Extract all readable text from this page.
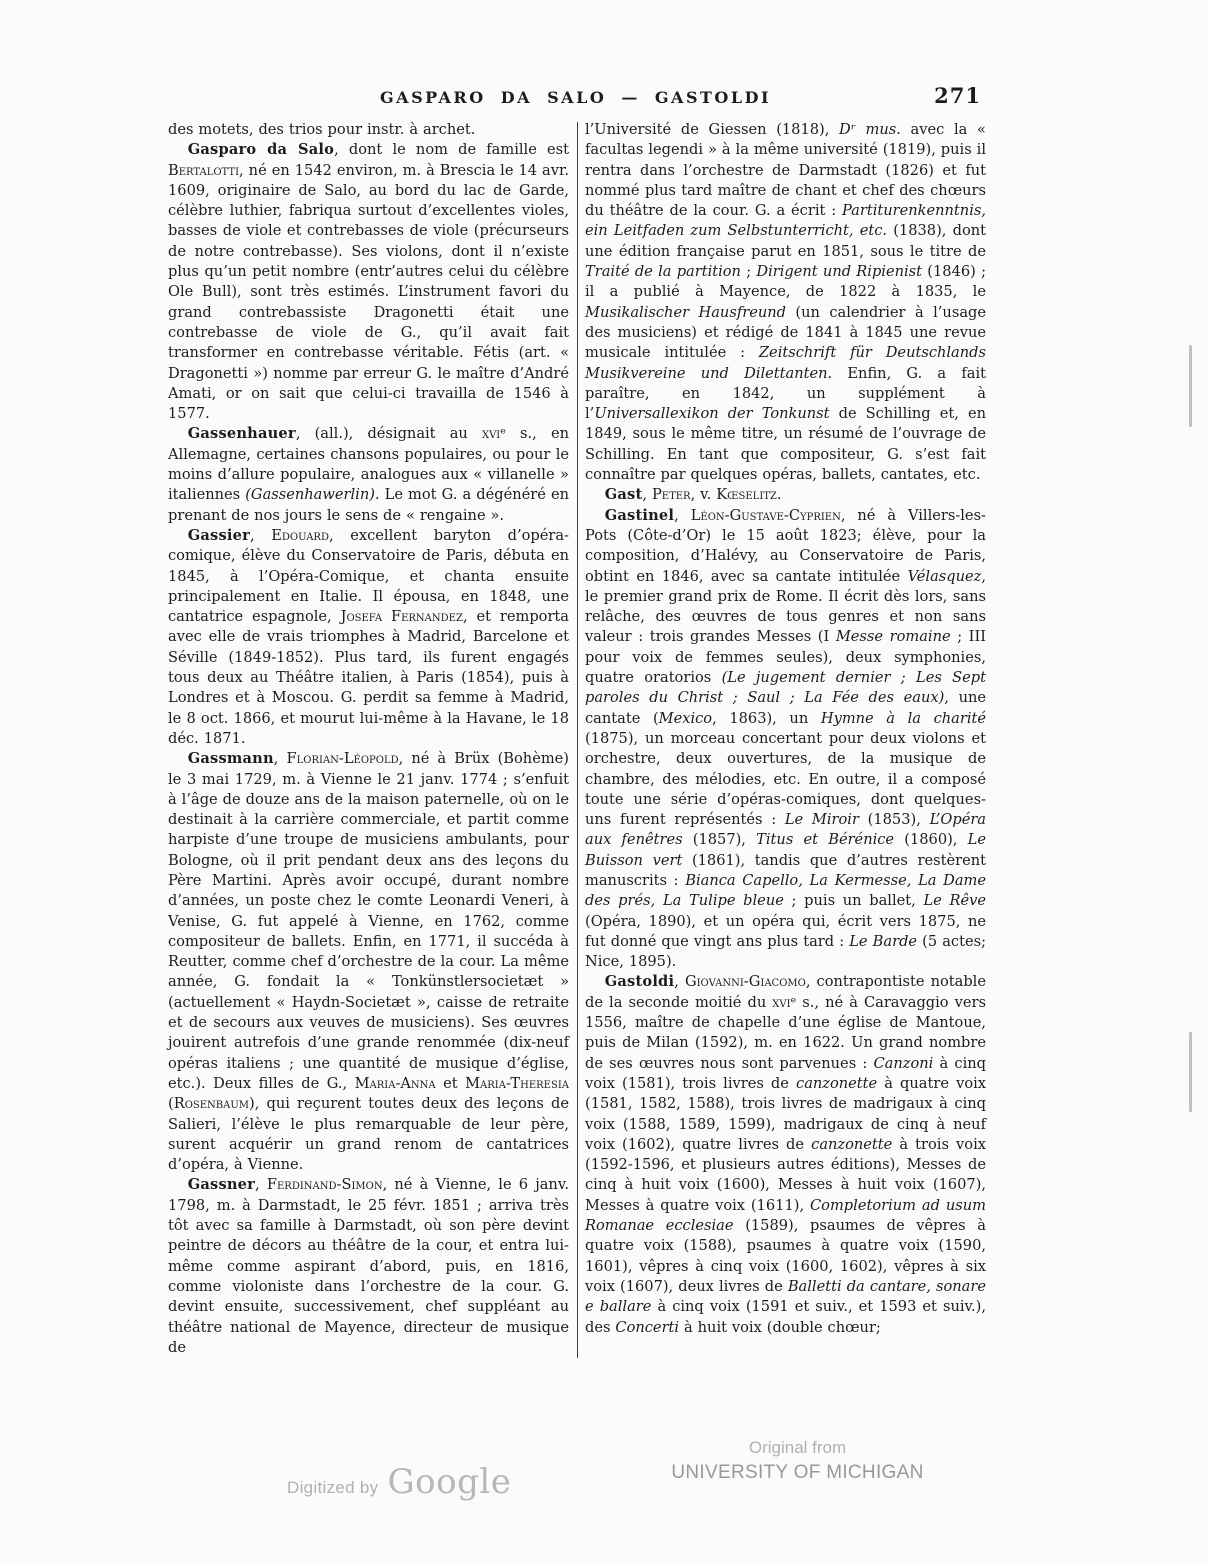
GASPARO DA SALO — GASTOLDI	271

des motets, des trios pour instr. à archet.

Gasparo da Salo, dont le nom de famille est Bertalotti, né en 1542 environ, m. à Brescia le 14 avr. 1609, originaire de Salo, au bord du lac de Garde, célèbre luthier, fabriqua surtout d’excellentes violes, basses de viole et contrebasses de viole (précurseurs de notre contrebasse). Ses violons, dont il n’existe plus qu’un petit nombre (entr’autres celui du célèbre Ole Bull), sont très estimés. L’instrument favori du grand contrebassiste Dragonetti était une contrebasse de viole de G., qu’il avait fait transformer en contrebasse véritable. Fétis (art. « Dragonetti ») nomme par erreur G. le maître d’André Amati, or on sait que celui-ci travailla de 1546 à 1577.

Gassenhauer, (all.), désignait au xviᵉ s., en Allemagne, certaines chansons populaires, ou pour le moins d’allure populaire, analogues aux « villanelle » italiennes (Gassenhawerlin). Le mot G. a dégénéré en prenant de nos jours le sens de « rengaine ».

Gassier, Edouard, excellent baryton d’opéra-comique, élève du Conservatoire de Paris, débuta en 1845, à l’Opéra-Comique, et chanta ensuite principalement en Italie. Il épousa, en 1848, une cantatrice espagnole, Josefa Fernandez, et remporta avec elle de vrais triomphes à Madrid, Barcelone et Séville (1849-1852). Plus tard, ils furent engagés tous deux au Théâtre italien, à Paris (1854), puis à Londres et à Moscou. G. perdit sa femme à Madrid, le 8 oct. 1866, et mourut lui-même à la Havane, le 18 déc. 1871.

Gassmann, Florian-Léopold, né à Brüx (Bohème) le 3 mai 1729, m. à Vienne le 21 janv. 1774 ; s’enfuit à l’âge de douze ans de la maison paternelle, où on le destinait à la carrière commerciale, et partit comme harpiste d’une troupe de musiciens ambulants, pour Bologne, où il prit pendant deux ans des leçons du Père Martini. Après avoir occupé, durant nombre d’années, un poste chez le comte Leonardi Veneri, à Venise, G. fut appelé à Vienne, en 1762, comme compositeur de ballets. Enfin, en 1771, il succéda à Reutter, comme chef d’orchestre de la cour. La même année, G. fondait la « Tonkünstlersocietæt » (actuellement « Haydn-Societæt », caisse de retraite et de secours aux veuves de musiciens). Ses œuvres jouirent autrefois d’une grande renommée (dix-neuf opéras italiens ; une quantité de musique d’église, etc.). Deux filles de G., Maria-Anna et Maria-Theresia (Rosenbaum), qui reçurent toutes deux des leçons de Salieri, l’élève le plus remarquable de leur père, surent acquérir un grand renom de cantatrices d’opéra, à Vienne.

Gassner, Ferdinand-Simon, né à Vienne, le 6 janv. 1798, m. à Darmstadt, le 25 févr. 1851 ; arriva très tôt avec sa famille à Darmstadt, où son père devint peintre de décors au théâtre de la cour, et entra lui-même comme aspirant d’abord, puis, en 1816, comme violoniste dans l’orchestre de la cour. G. devint ensuite, successivement, chef suppléant au théâtre national de Mayence, directeur de musique de

l’Université de Giessen (1818), Dʳ mus. avec la « facultas legendi » à la même université (1819), puis il rentra dans l’orchestre de Darmstadt (1826) et fut nommé plus tard maître de chant et chef des chœurs du théâtre de la cour. G. a écrit : Partiturenkenntnis, ein Leitfaden zum Selbstunterricht, etc. (1838), dont une édition française parut en 1851, sous le titre de Traité de la partition ; Dirigent und Ripienist (1846) ; il a publié à Mayence, de 1822 à 1835, le Musikalischer Hausfreund (un calendrier à l’usage des musiciens) et rédigé de 1841 à 1845 une revue musicale intitulée : Zeitschrift für Deutschlands Musikvereine und Dilettanten. Enfin, G. a fait paraître, en 1842, un supplément à l’Universallexikon der Tonkunst de Schilling et, en 1849, sous le même titre, un résumé de l’ouvrage de Schilling. En tant que compositeur, G. s’est fait connaître par quelques opéras, ballets, cantates, etc.

Gast, Peter, v. Kœselitz.

Gastinel, Léon-Gustave-Cyprien, né à Villers-les-Pots (Côte-d’Or) le 15 août 1823; élève, pour la composition, d’Halévy, au Conservatoire de Paris, obtint en 1846, avec sa cantate intitulée Vélasquez, le premier grand prix de Rome. Il écrit dès lors, sans relâche, des œuvres de tous genres et non sans valeur : trois grandes Messes (I Messe romaine ; III pour voix de femmes seules), deux symphonies, quatre oratorios (Le jugement dernier ; Les Sept paroles du Christ ; Saul ; La Fée des eaux), une cantate (Mexico, 1863), un Hymne à la charité (1875), un morceau concertant pour deux violons et orchestre, deux ouvertures, de la musique de chambre, des mélodies, etc. En outre, il a composé toute une série d’opéras-comiques, dont quelques-uns furent représentés : Le Miroir (1853), L’Opéra aux fenêtres (1857), Titus et Bérénice (1860), Le Buisson vert (1861), tandis que d’autres restèrent manuscrits : Bianca Capello, La Kermesse, La Dame des prés, La Tulipe bleue ; puis un ballet, Le Rêve (Opéra, 1890), et un opéra qui, écrit vers 1875, ne fut donné que vingt ans plus tard : Le Barde (5 actes; Nice, 1895).

Gastoldi, Giovanni-Giacomo, contrapontiste notable de la seconde moitié du xviᵉ s., né à Caravaggio vers 1556, maître de chapelle d’une église de Mantoue, puis de Milan (1592), m. en 1622. Un grand nombre de ses œuvres nous sont parvenues : Canzoni à cinq voix (1581), trois livres de canzonette à quatre voix (1581, 1582, 1588), trois livres de madrigaux à cinq voix (1588, 1589, 1599), madrigaux de cinq à neuf voix (1602), quatre livres de canzonette à trois voix (1592-1596, et plusieurs autres éditions), Messes de cinq à huit voix (1600), Messes à huit voix (1607), Messes à quatre voix (1611), Completorium ad usum Romanae ecclesiae (1589), psaumes de vêpres à quatre voix (1588), psaumes à quatre voix (1590, 1601), vêpres à cinq voix (1600, 1602), vêpres à six voix (1607), deux livres de Balletti da cantare, sonare e ballare à cinq voix (1591 et suiv., et 1593 et suiv.), des Concerti à huit voix (double chœur;

Digitized by Google
Original from
UNIVERSITY OF MICHIGAN
